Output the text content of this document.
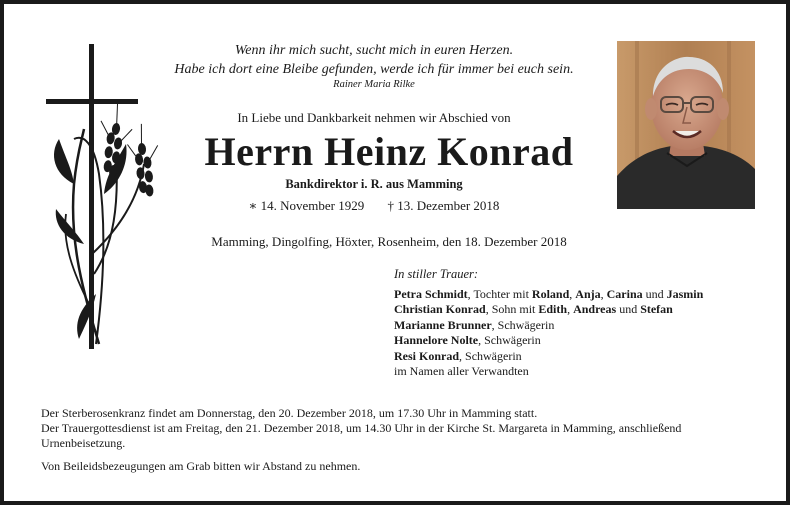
Wenn ihr mich sucht, sucht mich in euren Herzen.
Habe ich dort eine Bleibe gefunden, werde ich für immer bei euch sein.
Rainer Maria Rilke
In Liebe und Dankbarkeit nehmen wir Abschied von
Herrn Heinz Konrad
Bankdirektor i. R. aus Mamming
∗ 14. November 1929 † 13. Dezember 2018
Mamming, Dingolfing, Höxter, Rosenheim, den 18. Dezember 2018
In stiller Trauer:
Petra Schmidt, Tochter mit Roland, Anja, Carina und Jasmin
Christian Konrad, Sohn mit Edith, Andreas und Stefan
Marianne Brunner, Schwägerin
Hannelore Nolte, Schwägerin
Resi Konrad, Schwägerin
im Namen aller Verwandten

Der Sterberosenkranz findet am Donnerstag, den 20. Dezember 2018, um 17.30 Uhr in Mamming statt.

Der Trauergottesdienst ist am Freitag, den 21. Dezember 2018, um 14.30 Uhr in der Kirche St. Margareta in Mamming, anschließend Urnenbeisetzung.

Von Beileidsbezeugungen am Grab bitten wir Abstand zu nehmen.
